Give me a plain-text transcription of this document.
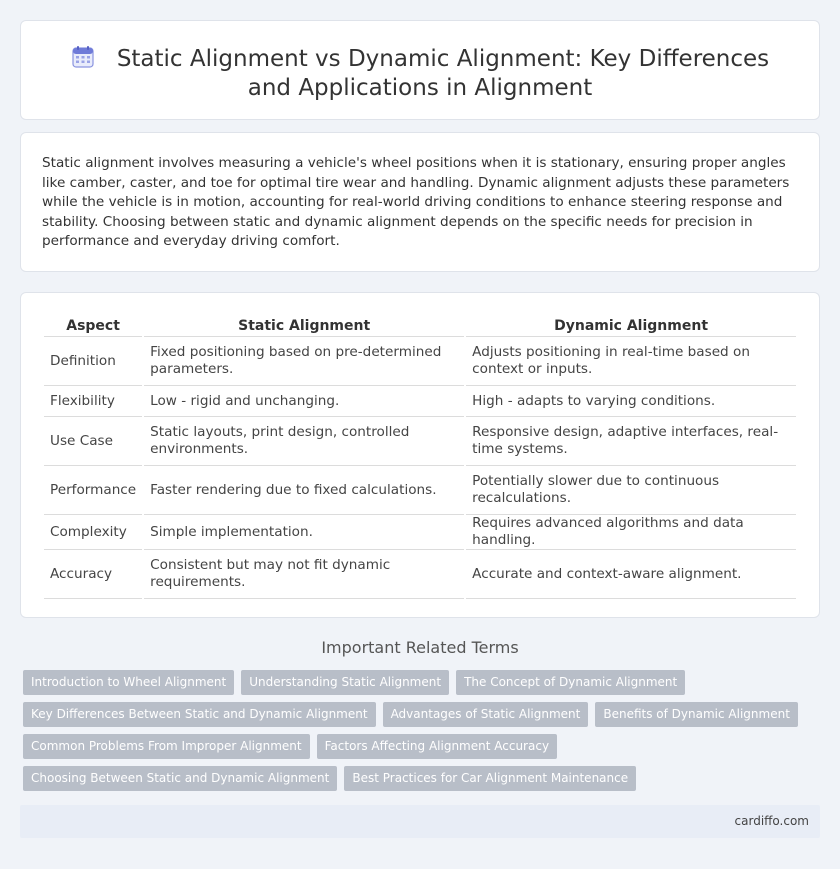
Static Alignment vs Dynamic Alignment: Key Differences and Applications in Alignment

Static alignment involves measuring a vehicle's wheel positions when it is stationary, ensuring proper angles like camber, caster, and toe for optimal tire wear and handling. Dynamic alignment adjusts these parameters while the vehicle is in motion, accounting for real-world driving conditions to enhance steering response and stability. Choosing between static and dynamic alignment depends on the specific needs for precision in performance and everyday driving comfort.

Aspect	Static Alignment	Dynamic Alignment
Definition	Fixed positioning based on pre-determined parameters.	Adjusts positioning in real-time based on context or inputs.
Flexibility	Low - rigid and unchanging.	High - adapts to varying conditions.
Use Case	Static layouts, print design, controlled environments.	Responsive design, adaptive interfaces, real-time systems.
Performance	Faster rendering due to fixed calculations.	Potentially slower due to continuous recalculations.
Complexity	Simple implementation.	Requires advanced algorithms and data handling.
Accuracy	Consistent but may not fit dynamic requirements.	Accurate and context-aware alignment.
Important Related Terms
Introduction to Wheel Alignment	Understanding Static Alignment	The Concept of Dynamic Alignment
Key Differences Between Static and Dynamic Alignment	Advantages of Static Alignment	Benefits of Dynamic Alignment
Common Problems From Improper Alignment	Factors Affecting Alignment Accuracy
Choosing Between Static and Dynamic Alignment	Best Practices for Car Alignment Maintenance
cardiffo.com
